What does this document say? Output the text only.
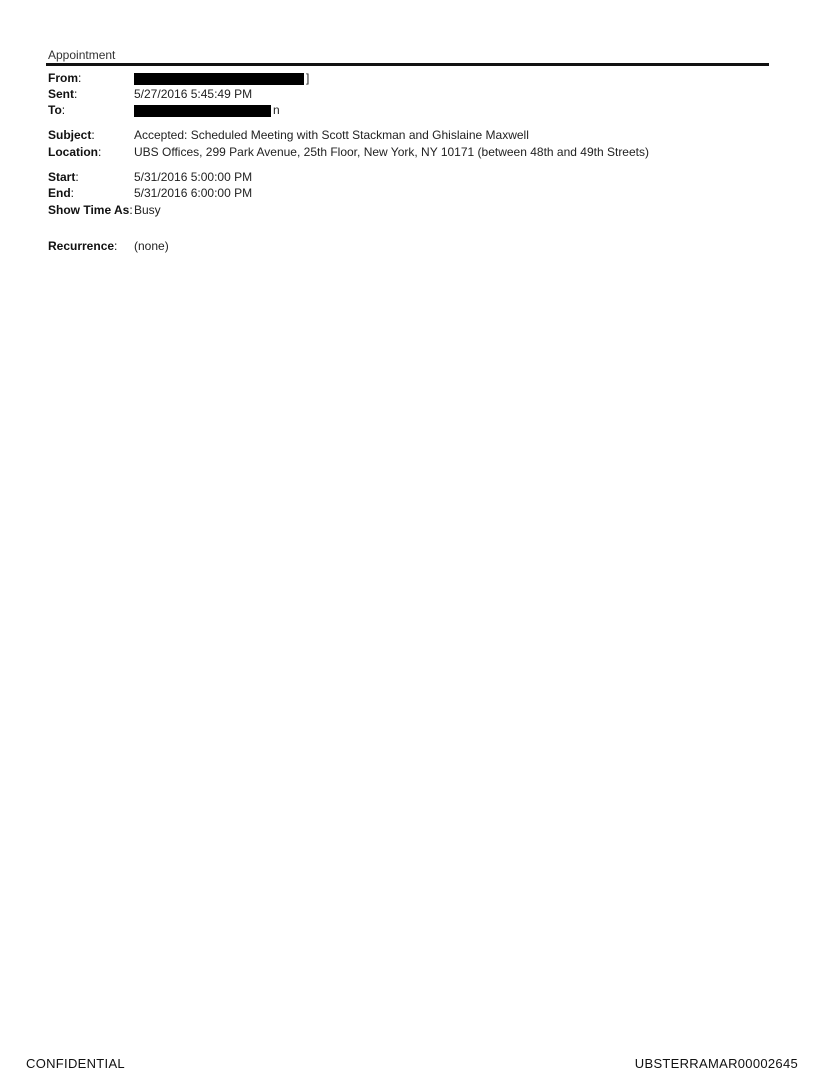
Appointment
From:	]
Sent:	5/27/2016 5:45:49 PM
To:	n
Subject:	Accepted: Scheduled Meeting with Scott Stackman and Ghislaine Maxwell
Location:	UBS Offices, 299 Park Avenue, 25th Floor, New York, NY 10171 (between 48th and 49th Streets)
Start:	5/31/2016 5:00:00 PM
End:	5/31/2016 6:00:00 PM
Show Time As: Busy
Recurrence:	(none)
CONFIDENTIAL	UBSTERRAMAR00002645
